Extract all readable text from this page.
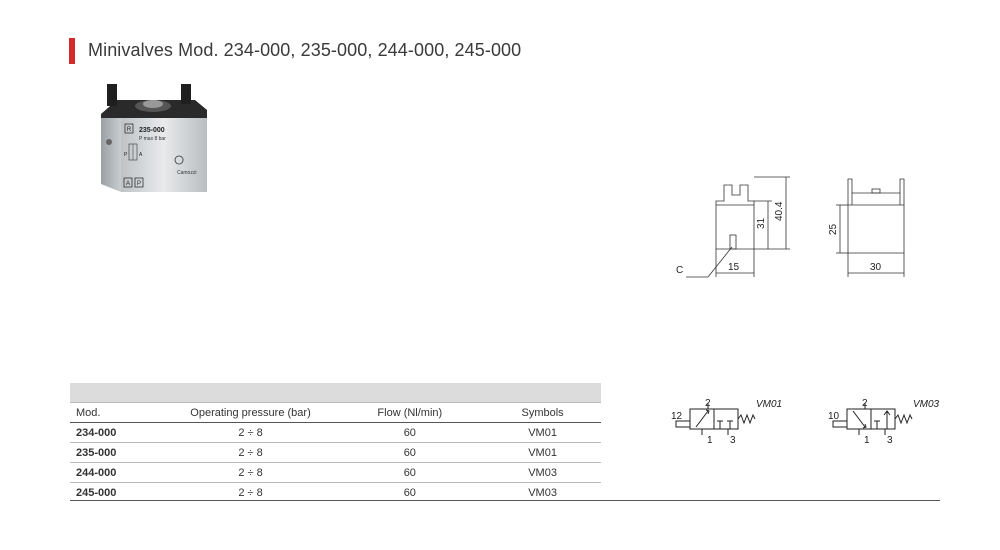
Minivalves Mod. 234-000, 235-000, 244-000, 245-000
R 235-000
P max 8 bar
P A
A P
Camozzi
40.4
31
15
C
25
30

Mod.	Operating pressure (bar)	Flow (Nl/min)	Symbols
234-000	2 ÷ 8	60	VM01
235-000	2 ÷ 8	60	VM01
244-000	2 ÷ 8	60	VM03
245-000	2 ÷ 8	60	VM03
12
2
1 3
VM01
10
2
1 3
VM03
